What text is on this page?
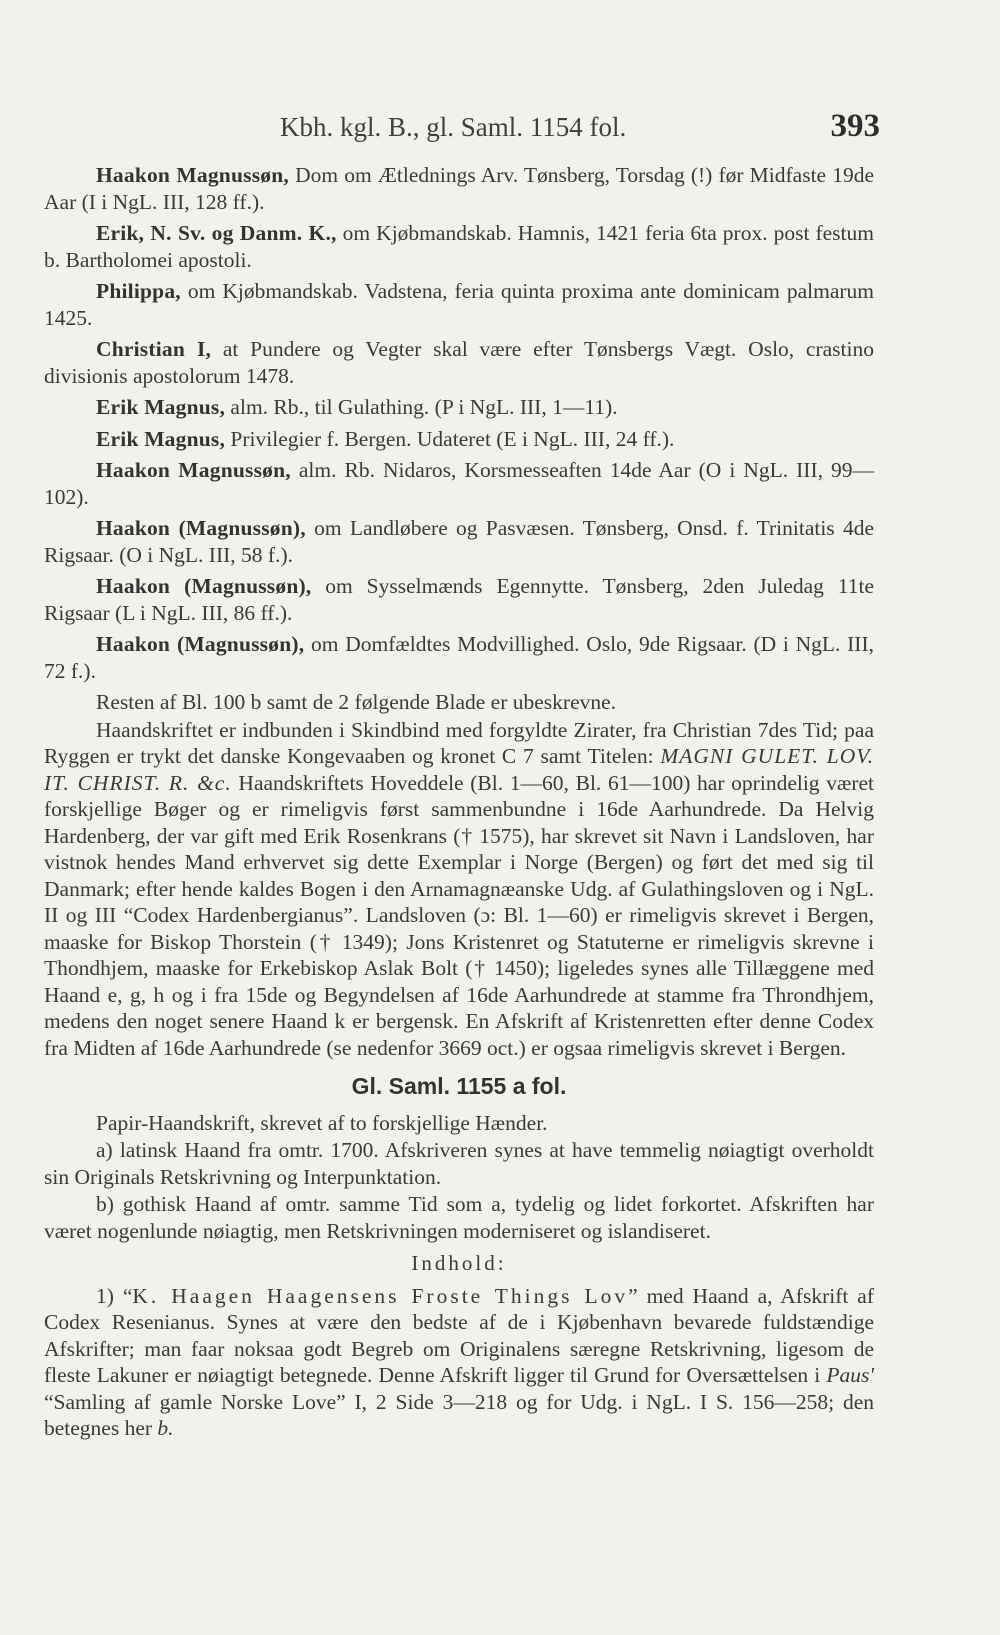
Kbh. kgl. B., gl. Saml. 1154 fol.	393

Haakon Magnussøn, Dom om Ætlednings Arv. Tønsberg, Torsdag (!) før Midfaste 19de Aar (I i NgL. III, 128 ff.).

Erik, N. Sv. og Danm. K., om Kjøbmandskab. Hamnis, 1421 feria 6ta prox. post festum b. Bartholomei apostoli.

Philippa, om Kjøbmandskab. Vadstena, feria quinta proxima ante dominicam palmarum 1425.

Christian I, at Pundere og Vegter skal være efter Tønsbergs Vægt. Oslo, crastino divisionis apostolorum 1478.

Erik Magnus, alm. Rb., til Gulathing. (P i NgL. III, 1—11).

Erik Magnus, Privilegier f. Bergen. Udateret (E i NgL. III, 24 ff.).

Haakon Magnussøn, alm. Rb. Nidaros, Korsmesseaften 14de Aar (O i NgL. III, 99—102).

Haakon (Magnussøn), om Landløbere og Pasvæsen. Tønsberg, Onsd. f. Trinitatis 4de Rigsaar. (O i NgL. III, 58 f.).

Haakon (Magnussøn), om Sysselmænds Egennytte. Tønsberg, 2den Juledag 11te Rigsaar (L i NgL. III, 86 ff.).

Haakon (Magnussøn), om Domfældtes Modvillighed. Oslo, 9de Rigsaar. (D i NgL. III, 72 f.).

Resten af Bl. 100 b samt de 2 følgende Blade er ubeskrevne.

Haandskriftet er indbunden i Skindbind med forgyldte Zirater, fra Christian 7des Tid; paa Ryggen er trykt det danske Kongevaaben og kronet C 7 samt Titelen: MAGNI GULET. LOV. IT. CHRIST. R. &c. Haandskriftets Hoveddele (Bl. 1—60, Bl. 61—100) har oprindelig været forskjellige Bøger og er rimeligvis først sammenbundne i 16de Aarhundrede. Da Helvig Hardenberg, der var gift med Erik Rosenkrans († 1575), har skrevet sit Navn i Landsloven, har vistnok hendes Mand erhvervet sig dette Exemplar i Norge (Bergen) og ført det med sig til Danmark; efter hende kaldes Bogen i den Arnamagnæanske Udg. af Gulathingsloven og i NgL. II og III “Codex Hardenbergianus”. Landsloven (ɔ: Bl. 1—60) er rimeligvis skrevet i Bergen, maaske for Biskop Thorstein († 1349); Jons Kristenret og Statuterne er rimeligvis skrevne i Thondhjem, maaske for Erkebiskop Aslak Bolt († 1450); ligeledes synes alle Tillæggene med Haand e, g, h og i fra 15de og Begyndelsen af 16de Aarhundrede at stamme fra Throndhjem, medens den noget senere Haand k er bergensk. En Afskrift af Kristenretten efter denne Codex fra Midten af 16de Aarhundrede (se nedenfor 3669 oct.) er ogsaa rimeligvis skrevet i Bergen.

Gl. Saml. 1155 a fol.

Papir-Haandskrift, skrevet af to forskjellige Hænder.

a) latinsk Haand fra omtr. 1700. Afskriveren synes at have temmelig nøiagtigt overholdt sin Originals Retskrivning og Interpunktation.

b) gothisk Haand af omtr. samme Tid som a, tydelig og lidet forkortet. Afskriften har været nogenlunde nøiagtig, men Retskrivningen moderniseret og islandiseret.

Indhold:

1) “K. Haagen Haagensens Froste Things Lov” med Haand a, Afskrift af Codex Resenianus. Synes at være den bedste af de i Kjøbenhavn bevarede fuldstændige Afskrifter; man faar noksaa godt Begreb om Originalens særegne Retskrivning, ligesom de fleste Lakuner er nøiagtigt betegnede. Denne Afskrift ligger til Grund for Oversættelsen i Paus' “Samling af gamle Norske Love” I, 2 Side 3—218 og for Udg. i NgL. I S. 156—258; den betegnes her b.
